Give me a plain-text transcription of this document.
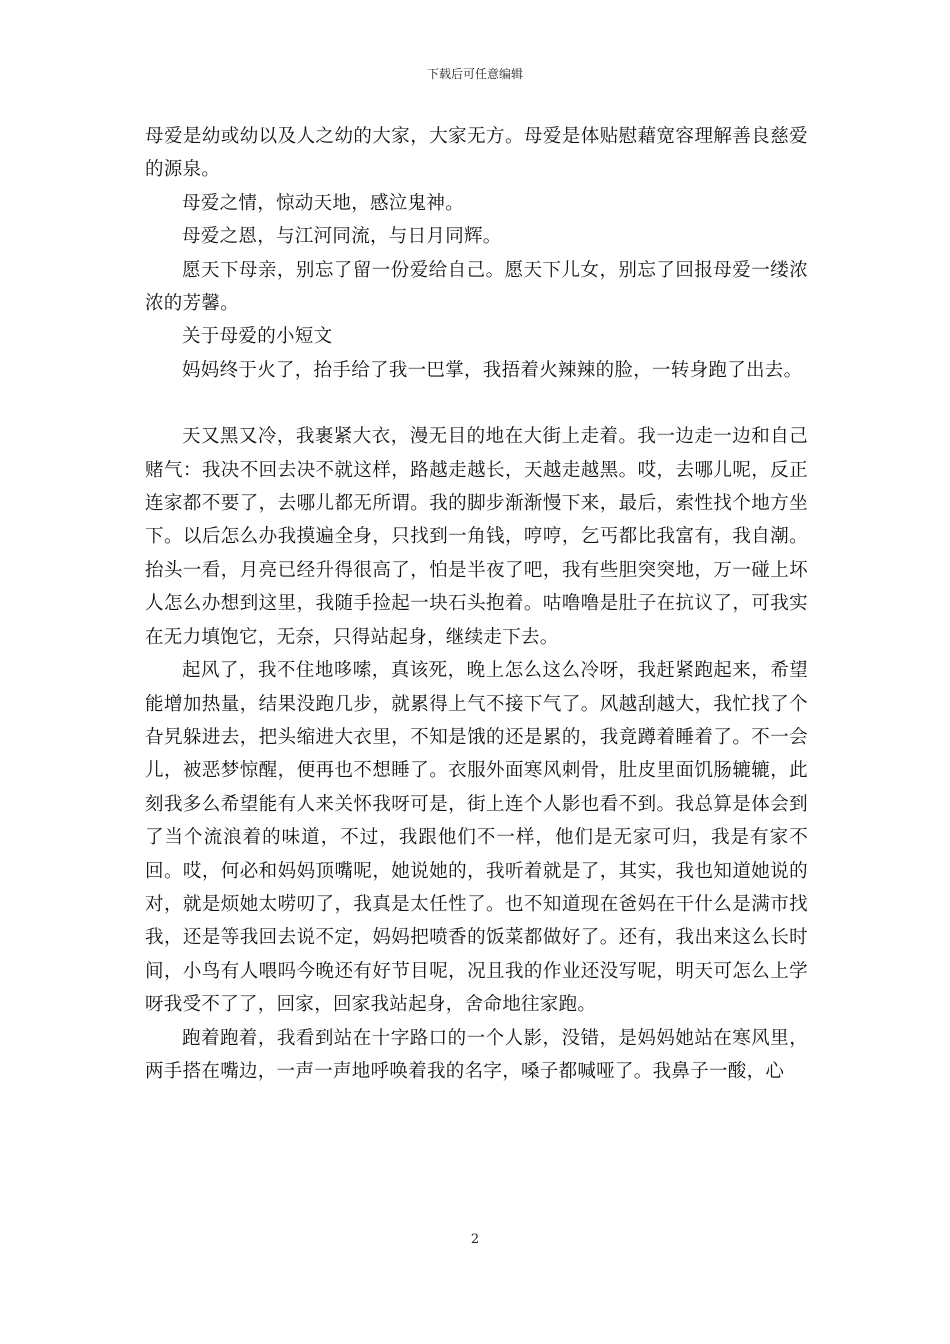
下载后可任意编辑

母爱是幼或幼以及人之幼的大家，大家无方。母爱是体贴慰藉宽容理解善良慈爱的源泉。

母爱之情，惊动天地，感泣鬼神。

母爱之恩，与江河同流，与日月同辉。

愿天下母亲，别忘了留一份爱给自己。愿天下儿女，别忘了回报母爱一缕浓浓的芳馨。

关于母爱的小短文

妈妈终于火了，抬手给了我一巴掌，我捂着火辣辣的脸，一转身跑了出去。

天又黑又冷，我裹紧大衣，漫无目的地在大街上走着。我一边走一边和自己赌气：我决不回去决不就这样，路越走越长，天越走越黑。哎，去哪儿呢，反正连家都不要了，去哪儿都无所谓。我的脚步渐渐慢下来，最后，索性找个地方坐下。以后怎么办我摸遍全身，只找到一角钱，哼哼，乞丐都比我富有，我自潮。抬头一看，月亮已经升得很高了，怕是半夜了吧，我有些胆突突地，万一碰上坏人怎么办想到这里，我随手捡起一块石头抱着。咕噜噜是肚子在抗议了，可我实在无力填饱它，无奈，只得站起身，继续走下去。

起风了，我不住地哆嗦，真该死，晚上怎么这么冷呀，我赶紧跑起来，希望能增加热量，结果没跑几步，就累得上气不接下气了。风越刮越大，我忙找了个旮旯躲进去，把头缩进大衣里，不知是饿的还是累的，我竟蹲着睡着了。不一会儿，被恶梦惊醒，便再也不想睡了。衣服外面寒风刺骨，肚皮里面饥肠辘辘，此刻我多么希望能有人来关怀我呀可是，街上连个人影也看不到。我总算是体会到了当个流浪着的味道，不过，我跟他们不一样，他们是无家可归，我是有家不回。哎，何必和妈妈顶嘴呢，她说她的，我听着就是了，其实，我也知道她说的对，就是烦她太唠叨了，我真是太任性了。也不知道现在爸妈在干什么是满市找我，还是等我回去说不定，妈妈把喷香的饭菜都做好了。还有，我出来这么长时间，小鸟有人喂吗今晚还有好节目呢，况且我的作业还没写呢，明天可怎么上学呀我受不了了，回家，回家我站起身，舍命地往家跑。

跑着跑着，我看到站在十字路口的一个人影，没错，是妈妈她站在寒风里，两手搭在嘴边，一声一声地呼唤着我的名字，嗓子都喊哑了。我鼻子一酸，心

2
